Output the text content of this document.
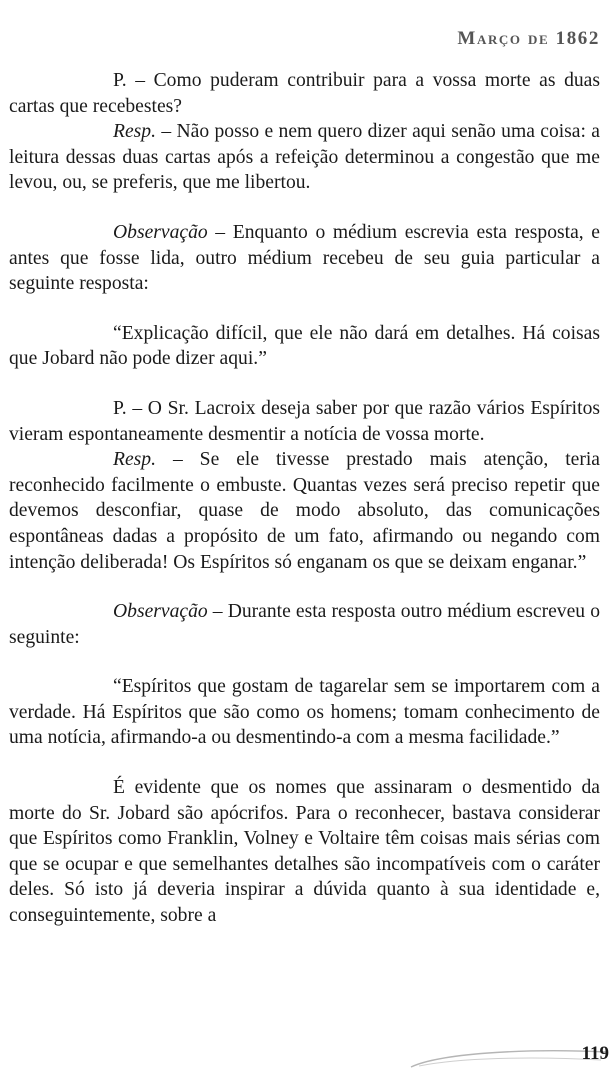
Março de 1862

P. – Como puderam contribuir para a vossa morte as duas cartas que recebestes?

Resp. – Não posso e nem quero dizer aqui senão uma coisa: a leitura dessas duas cartas após a refeição determinou a congestão que me levou, ou, se preferis, que me libertou.

Observação – Enquanto o médium escrevia esta resposta, e antes que fosse lida, outro médium recebeu de seu guia particular a seguinte resposta:

“Explicação difícil, que ele não dará em detalhes. Há coisas que Jobard não pode dizer aqui.”

P. – O Sr. Lacroix deseja saber por que razão vários Espíritos vieram espontaneamente desmentir a notícia de vossa morte.

Resp. – Se ele tivesse prestado mais atenção, teria reconhecido facilmente o embuste. Quantas vezes será preciso repetir que devemos desconfiar, quase de modo absoluto, das comunicações espontâneas dadas a propósito de um fato, afirmando ou negando com intenção deliberada! Os Espíritos só enganam os que se deixam enganar.”

Observação – Durante esta resposta outro médium escreveu o seguinte:

“Espíritos que gostam de tagarelar sem se importarem com a verdade. Há Espíritos que são como os homens; tomam conhecimento de uma notícia, afirmando-a ou desmentindo-a com a mesma facilidade.”

É evidente que os nomes que assinaram o desmentido da morte do Sr. Jobard são apócrifos. Para o reconhecer, bastava considerar que Espíritos como Franklin, Volney e Voltaire têm coisas mais sérias com que se ocupar e que semelhantes detalhes são incompatíveis com o caráter deles. Só isto já deveria inspirar a dúvida quanto à sua identidade e, conseguintemente, sobre a

119
